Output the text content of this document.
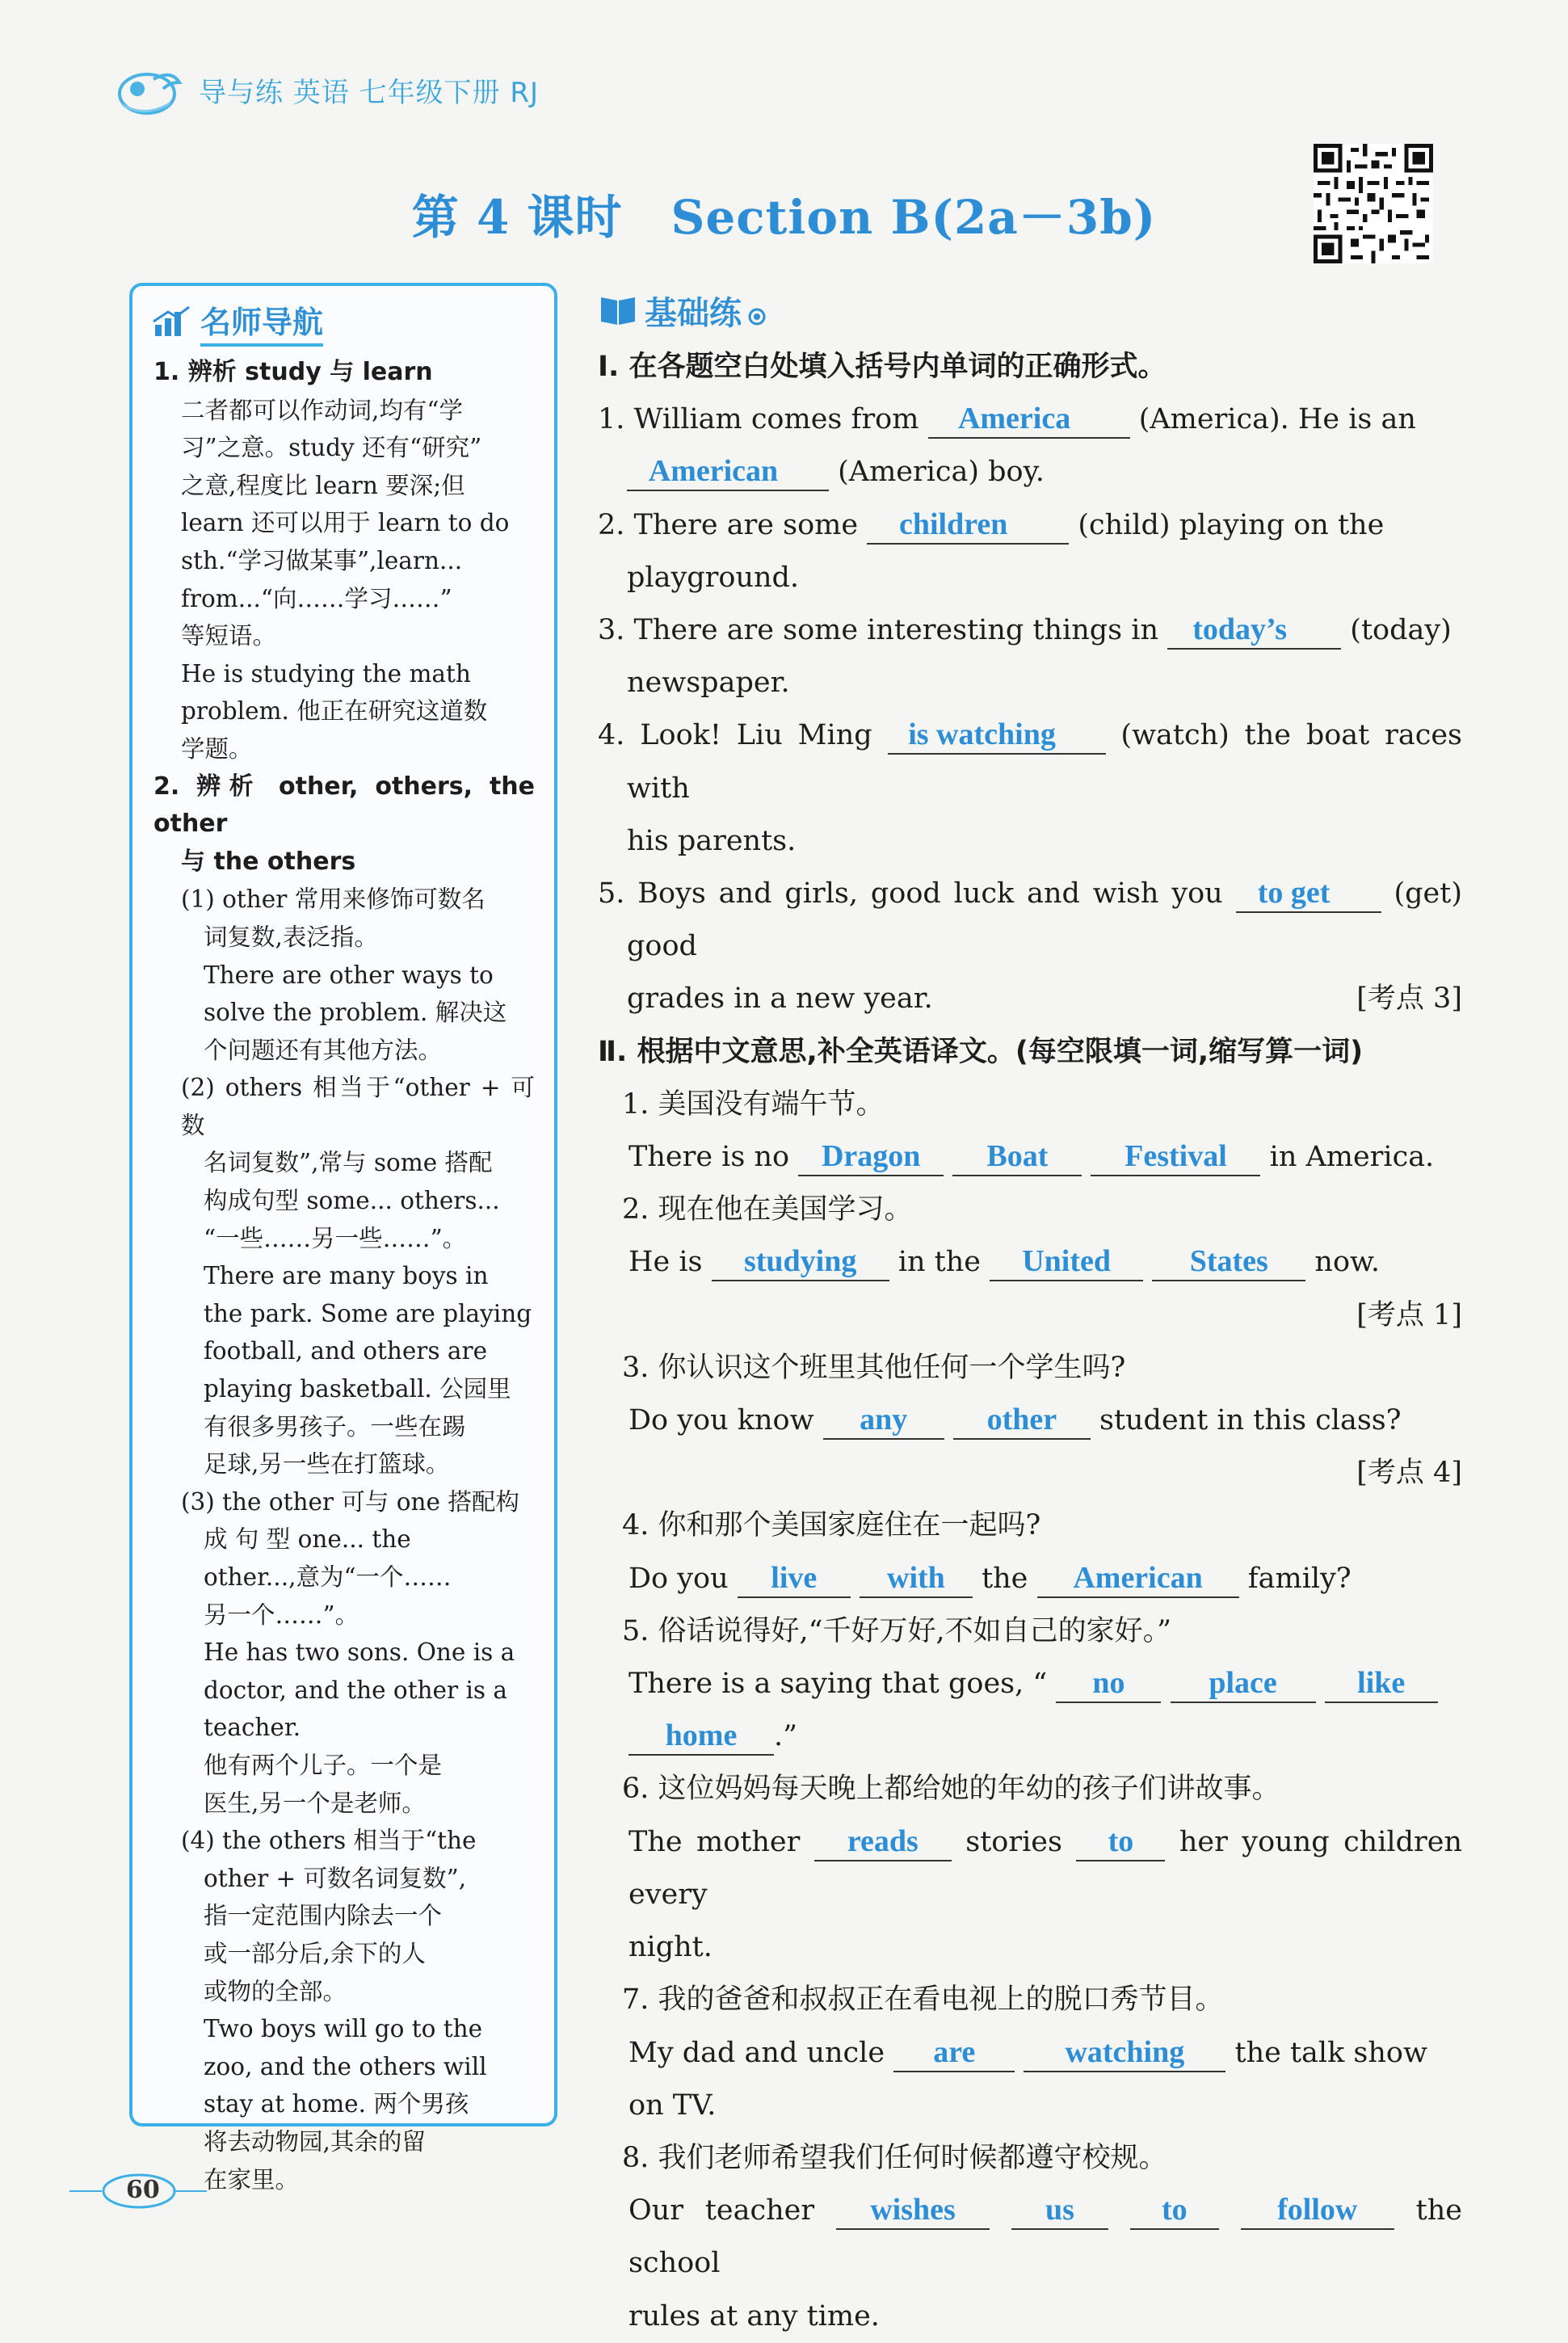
导与练 英语 七年级下册 RJ
第 4 课时 Section B(2a－3b)
名师导航

1. 辨析 study 与 learn

二者都可以作动词,均有“学

习”之意。study 还有“研究”

之意,程度比 learn 要深;但

learn 还可以用于 learn to do

sth.“学习做某事”,learn...

from...“向……学习……”

等短语。

He is studying the math

problem. 他正在研究这道数

学题。

2. 辨析 other, others, the other

与 the others

(1) other 常用来修饰可数名

词复数,表泛指。

There are other ways to

solve the problem. 解决这

个问题还有其他方法。

(2) others 相当于“other + 可数

名词复数”,常与 some 搭配

构成句型 some... others...

“一些……另一些……”。

There are many boys in

the park. Some are playing

football, and others are

playing basketball. 公园里

有很多男孩子。一些在踢

足球,另一些在打篮球。

(3) the other 可与 one 搭配构

成 句 型 one... the

other...,意为“一个……

另一个……”。

He has two sons. One is a

doctor, and the other is a

teacher.

他有两个儿子。一个是

医生,另一个是老师。

(4) the others 相当于“the

other + 可数名词复数”,

指一定范围内除去一个

或一部分后,余下的人

或物的全部。

Two boys will go to the

zoo, and the others will

stay at home. 两个男孩

将去动物园,其余的留

在家里。

基础练

Ⅰ. 在各题空白处填入括号内单词的正确形式。

1. William comes from America (America). He is an
American (America) boy.

2. There are some children (child) playing on the
playground.

3. There are some interesting things in today’s (today)
newspaper.

4. Look! Liu Ming is watching (watch) the boat races with
his parents.

5. Boys and girls, good luck and wish you to get (get) good
grades in a new year.	[考点 3]

Ⅱ. 根据中文意思,补全英语译文。(每空限填一词,缩写算一词)

1. 美国没有端午节。

There is no Dragon Boat Festival in America.

2. 现在他在美国学习。

He is studying in the United	States now.

[考点 1]

3. 你认识这个班里其他任何一个学生吗?

Do you know any	other student in this class?

[考点 4]

4. 你和那个美国家庭住在一起吗?

Do you live with the American family?

5. 俗话说得好,“千好万好,不如自己的家好。”

There is a saying that goes, “ no	place	like
home .”

6. 这位妈妈每天晚上都给她的年幼的孩子们讲故事。

The mother reads stories to her young children every
night.

7. 我的爸爸和叔叔正在看电视上的脱口秀节目。

My dad and uncle are	watching the talk show
on TV.

8. 我们老师希望我们任何时候都遵守校规。

Our teacher wishes	us	to	follow the school
rules at any time.

60
